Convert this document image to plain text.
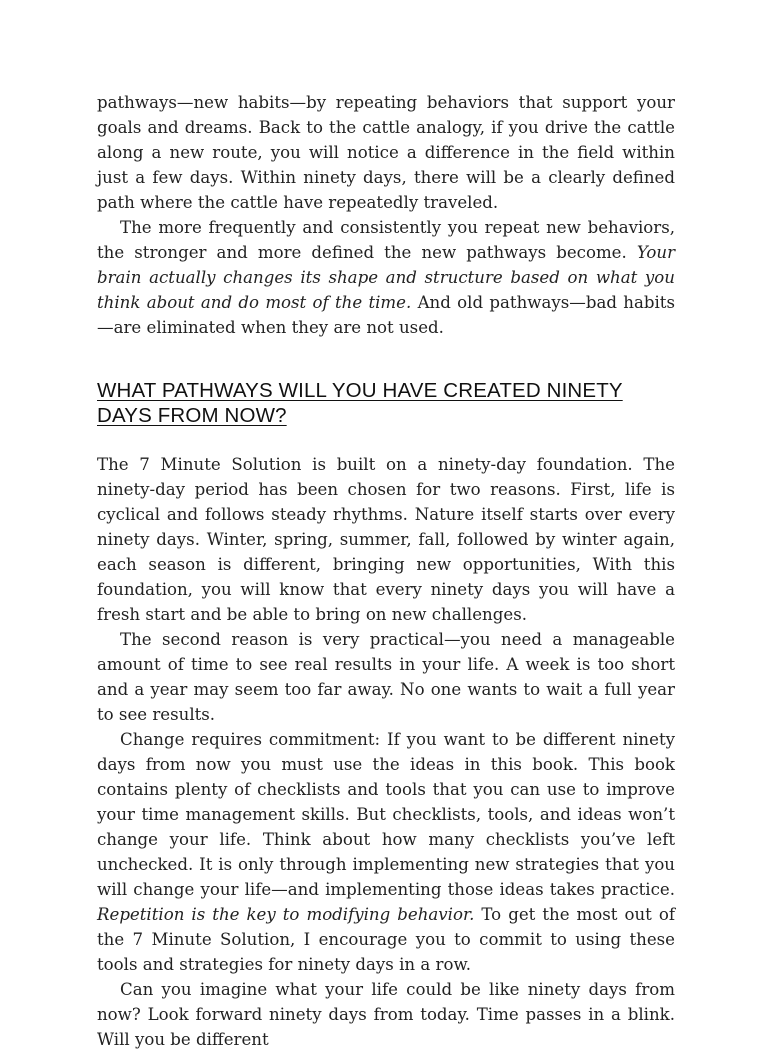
pathways—new habits—by repeating behaviors that support your goals and dreams. Back to the cattle analogy, if you drive the cattle along a new route, you will notice a difference in the field within just a few days. Within ninety days, there will be a clearly defined path where the cattle have repeatedly traveled.

The more frequently and consistently you repeat new behaviors, the stronger and more defined the new pathways become. Your brain actually changes its shape and structure based on what you think about and do most of the time. And old pathways—bad habits—are eliminated when they are not used.

WHAT PATHWAYS WILL YOU HAVE CREATED NINETY DAYS FROM NOW?

The 7 Minute Solution is built on a ninety-day foundation. The ninety-day period has been chosen for two reasons. First, life is cyclical and follows steady rhythms. Nature itself starts over every ninety days. Winter, spring, summer, fall, followed by winter again, each season is different, bringing new opportunities, With this foundation, you will know that every ninety days you will have a fresh start and be able to bring on new challenges.

The second reason is very practical—you need a manageable amount of time to see real results in your life. A week is too short and a year may seem too far away. No one wants to wait a full year to see results.

Change requires commitment: If you want to be different ninety days from now you must use the ideas in this book. This book contains plenty of checklists and tools that you can use to improve your time management skills. But checklists, tools, and ideas won’t change your life. Think about how many checklists you’ve left unchecked. It is only through implementing new strategies that you will change your life—and implementing those ideas takes practice. Repetition is the key to modifying behavior. To get the most out of the 7 Minute Solution, I encourage you to commit to using these tools and strategies for ninety days in a row.

Can you imagine what your life could be like ninety days from now? Look forward ninety days from today. Time passes in a blink. Will you be different
